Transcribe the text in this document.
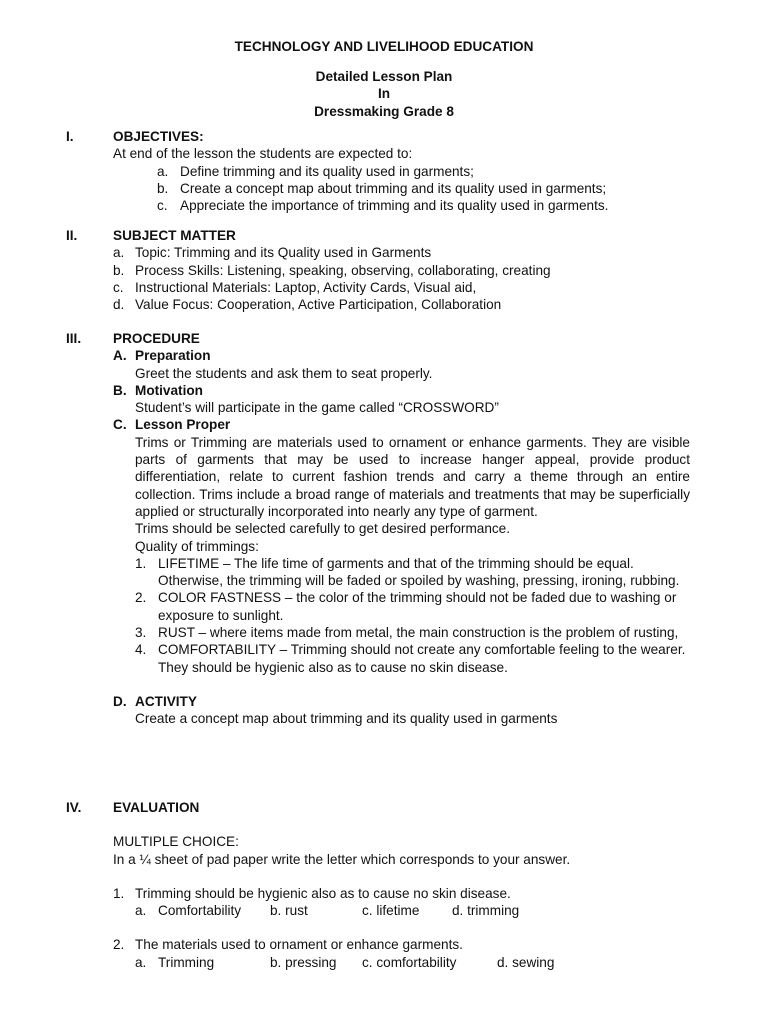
TECHNOLOGY AND LIVELIHOOD EDUCATION
Detailed Lesson Plan
In
Dressmaking Grade 8
I.	OBJECTIVES:
At end of the lesson the students are expected to:
a. Define trimming and its quality used in garments;
b. Create a concept map about trimming and its quality used in garments;
c. Appreciate the importance of trimming and its quality used in garments.
II.	SUBJECT MATTER
a. Topic: Trimming and its Quality used in Garments
b. Process Skills: Listening, speaking, observing, collaborating, creating
c. Instructional Materials: Laptop, Activity Cards, Visual aid,
d. Value Focus: Cooperation, Active Participation, Collaboration
III. PROCEDURE
A. Preparation
Greet the students and ask them to seat properly.
B. Motivation
Student’s will participate in the game called “CROSSWORD”
C. Lesson Proper
Trims or Trimming are materials used to ornament or enhance garments. They are visible parts of garments that may be used to increase hanger appeal, provide product differentiation, relate to current fashion trends and carry a theme through an entire collection. Trims include a broad range of materials and treatments that may be superficially applied or structurally incorporated into nearly any type of garment.
Trims should be selected carefully to get desired performance.
Quality of trimmings:
1. LIFETIME – The life time of garments and that of the trimming should be equal. Otherwise, the trimming will be faded or spoiled by washing, pressing, ironing, rubbing.
2. COLOR FASTNESS – the color of the trimming should not be faded due to washing or exposure to sunlight.
3. RUST – where items made from metal, the main construction is the problem of rusting,
4. COMFORTABILITY – Trimming should not create any comfortable feeling to the wearer. They should be hygienic also as to cause no skin disease.
D. ACTIVITY
Create a concept map about trimming and its quality used in garments
IV. EVALUATION
MULTIPLE CHOICE:
In a ¼ sheet of pad paper write the letter which corresponds to your answer.
1. Trimming should be hygienic also as to cause no skin disease.
a. Comfortability b. rust	c. lifetime d. trimming
2. The materials used to ornament or enhance garments.
a. Trimming	b. pressing c. comfortability	d. sewing
